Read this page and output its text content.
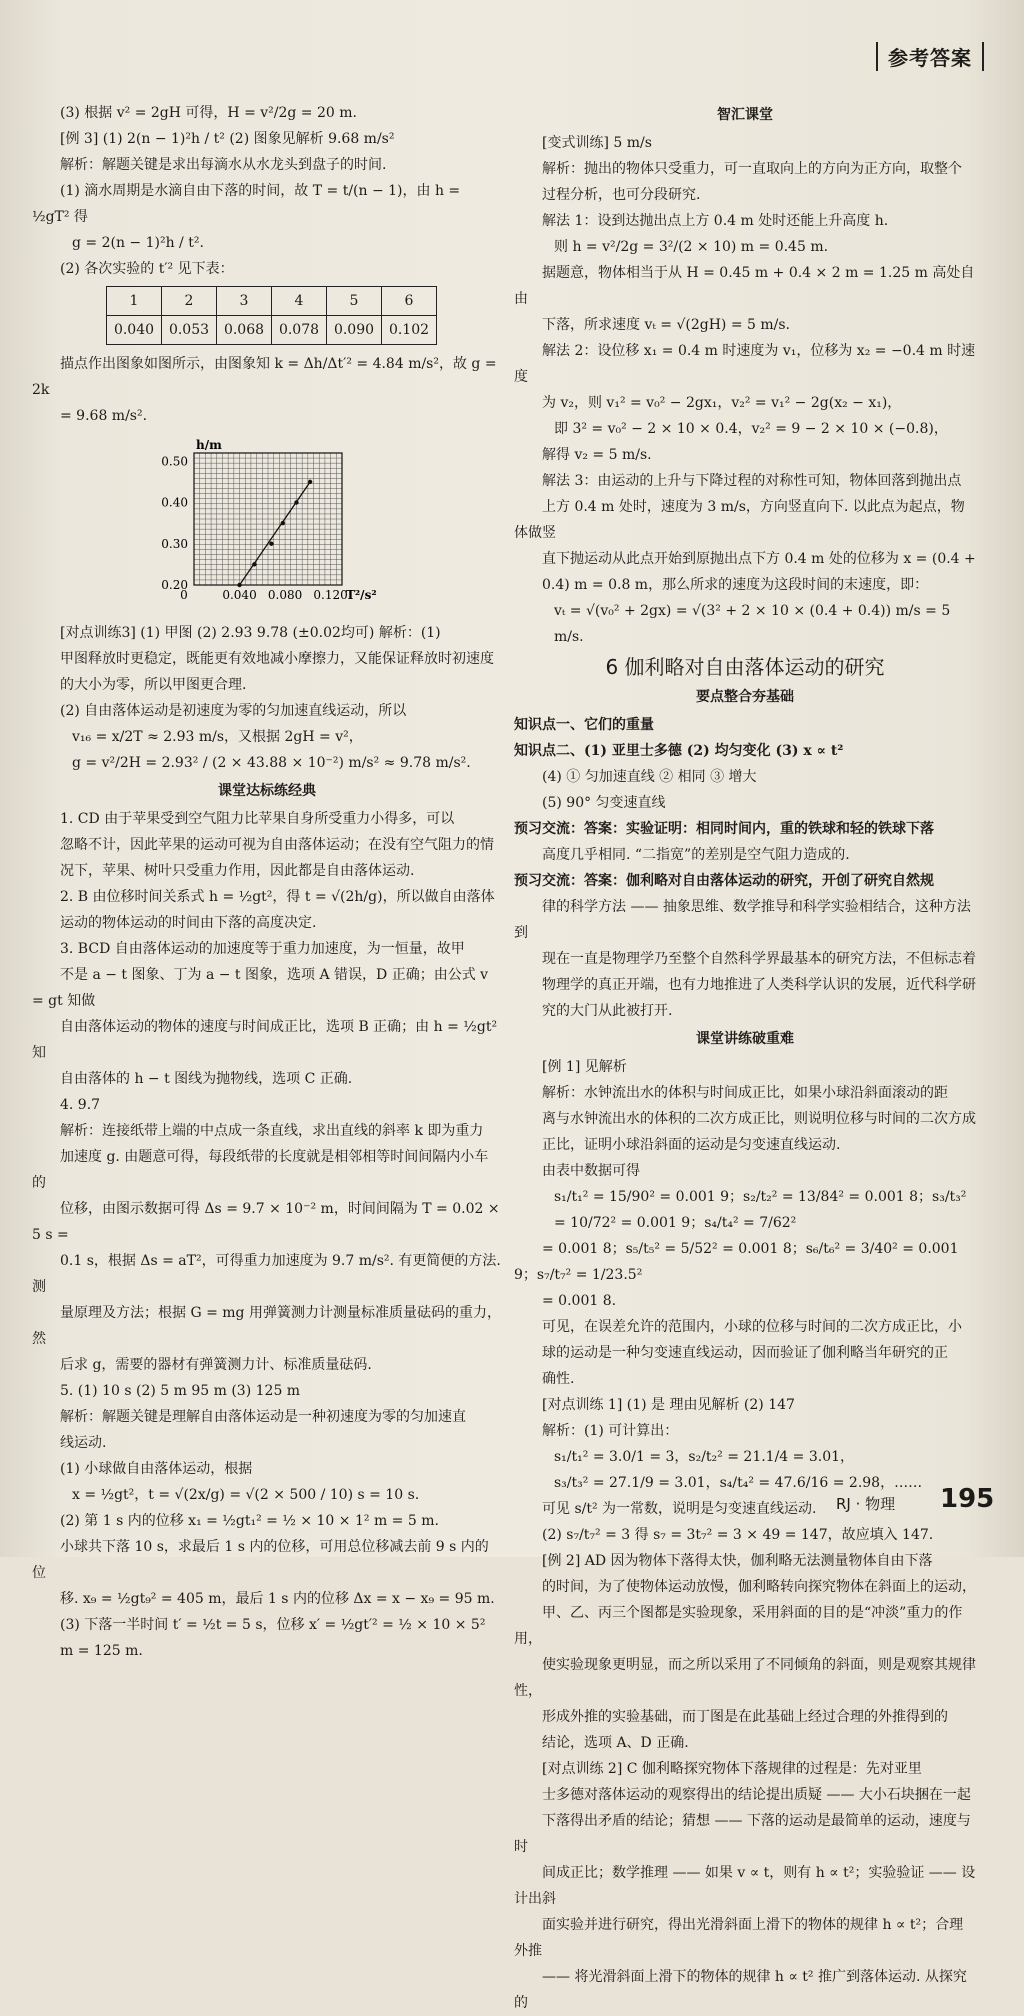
参考答案

(3) 根据 v² = 2gH 可得，H = v²/2g = 20 m.

[例 3] (1) 2(n − 1)²h / t² (2) 图象见解析 9.68 m/s²

解析：解题关键是求出每滴水从水龙头到盘子的时间.

(1) 滴水周期是水滴自由下落的时间，故 T = t/(n − 1)，由 h = ½gT² 得

g = 2(n − 1)²h / t².

(2) 各次实验的 t′² 见下表：

1	2	3	4	5	6
0.040	0.053	0.068	0.078	0.090	0.102

描点作出图象如图所示，由图象知 k = Δh/Δt′² = 4.84 m/s²，故 g = 2k

= 9.68 m/s².

0.50
0.40
0.30
0.20
0	0.040 0.080 0.120
h/m
T²/s²

[对点训练3] (1) 甲图 (2) 2.93 9.78 (±0.02均可) 解析：(1)

甲图释放时更稳定，既能更有效地减小摩擦力，又能保证释放时初速度

的大小为零，所以甲图更合理.

(2) 自由落体运动是初速度为零的匀加速直线运动，所以

v₁₆ = x/2T ≈ 2.93 m/s，又根据 2gH = v²，

g = v²/2H = 2.93² / (2 × 43.88 × 10⁻²) m/s² ≈ 9.78 m/s².

课堂达标练经典

1. CD 由于苹果受到空气阻力比苹果自身所受重力小得多，可以

忽略不计，因此苹果的运动可视为自由落体运动；在没有空气阻力的情

况下，苹果、树叶只受重力作用，因此都是自由落体运动.

2. B 由位移时间关系式 h = ½gt²，得 t = √(2h/g)，所以做自由落体

运动的物体运动的时间由下落的高度决定.

3. BCD 自由落体运动的加速度等于重力加速度，为一恒量，故甲

不是 a − t 图象、丁为 a − t 图象，选项 A 错误，D 正确；由公式 v = gt 知做

自由落体运动的物体的速度与时间成正比，选项 B 正确；由 h = ½gt² 知

自由落体的 h − t 图线为抛物线，选项 C 正确.

4. 9.7

解析：连接纸带上端的中点成一条直线，求出直线的斜率 k 即为重力

加速度 g. 由题意可得，每段纸带的长度就是相邻相等时间间隔内小车的

位移，由图示数据可得 Δs = 9.7 × 10⁻² m，时间间隔为 T = 0.02 × 5 s =

0.1 s，根据 Δs = aT²，可得重力加速度为 9.7 m/s². 有更简便的方法. 测

量原理及方法；根据 G = mg 用弹簧测力计测量标准质量砝码的重力，然

后求 g，需要的器材有弹簧测力计、标准质量砝码.

5. (1) 10 s (2) 5 m 95 m (3) 125 m

解析：解题关键是理解自由落体运动是一种初速度为零的匀加速直

线运动.

(1) 小球做自由落体运动，根据

x = ½gt²，t = √(2x/g) = √(2 × 500 / 10) s = 10 s.

(2) 第 1 s 内的位移 x₁ = ½gt₁² = ½ × 10 × 1² m = 5 m.

小球共下落 10 s，求最后 1 s 内的位移，可用总位移减去前 9 s 内的位

移. x₉ = ½gt₉² = 405 m，最后 1 s 内的位移 Δx = x − x₉ = 95 m.

(3) 下落一半时间 t′ = ½t = 5 s，位移 x′ = ½gt′² = ½ × 10 × 5²

m = 125 m.

智汇课堂

[变式训练] 5 m/s

解析：抛出的物体只受重力，可一直取向上的方向为正方向，取整个

过程分析，也可分段研究.

解法 1：设到达抛出点上方 0.4 m 处时还能上升高度 h.

则 h = v²/2g = 3²/(2 × 10) m = 0.45 m.

据题意，物体相当于从 H = 0.45 m + 0.4 × 2 m = 1.25 m 高处自由

下落，所求速度 vₜ = √(2gH) = 5 m/s.

解法 2：设位移 x₁ = 0.4 m 时速度为 v₁，位移为 x₂ = −0.4 m 时速度

为 v₂，则 v₁² = v₀² − 2gx₁，v₂² = v₁² − 2g(x₂ − x₁)，

即 3² = v₀² − 2 × 10 × 0.4，v₂² = 9 − 2 × 10 × (−0.8)，

解得 v₂ = 5 m/s.

解法 3：由运动的上升与下降过程的对称性可知，物体回落到抛出点

上方 0.4 m 处时，速度为 3 m/s，方向竖直向下. 以此点为起点，物体做竖

直下抛运动从此点开始到原抛出点下方 0.4 m 处的位移为 x = (0.4 +

0.4) m = 0.8 m，那么所求的速度为这段时间的末速度，即：

vₜ = √(v₀² + 2gx) = √(3² + 2 × 10 × (0.4 + 0.4)) m/s = 5 m/s.

6 伽利略对自由落体运动的研究

要点整合夯基础

知识点一、它们的重量

知识点二、(1) 亚里士多德 (2) 均匀变化 (3) x ∝ t²

(4) ① 匀加速直线 ② 相同 ③ 增大

(5) 90° 匀变速直线

预习交流：答案：实验证明：相同时间内，重的铁球和轻的铁球下落

高度几乎相同. “二指宽”的差别是空气阻力造成的.

预习交流：答案：伽利略对自由落体运动的研究，开创了研究自然规

律的科学方法 —— 抽象思维、数学推导和科学实验相结合，这种方法到

现在一直是物理学乃至整个自然科学界最基本的研究方法，不但标志着

物理学的真正开端，也有力地推进了人类科学认识的发展，近代科学研

究的大门从此被打开.

课堂讲练破重难

[例 1] 见解析

解析：水钟流出水的体积与时间成正比，如果小球沿斜面滚动的距

离与水钟流出水的体积的二次方成正比，则说明位移与时间的二次方成

正比，证明小球沿斜面的运动是匀变速直线运动.

由表中数据可得

s₁/t₁² = 15/90² = 0.001 9；s₂/t₂² = 13/84² = 0.001 8；s₃/t₃² = 10/72² = 0.001 9；s₄/t₄² = 7/62²

= 0.001 8；s₅/t₅² = 5/52² = 0.001 8；s₆/t₆² = 3/40² = 0.001 9；s₇/t₇² = 1/23.5²

= 0.001 8.

可见，在误差允许的范围内，小球的位移与时间的二次方成正比，小

球的运动是一种匀变速直线运动，因而验证了伽利略当年研究的正

确性.

[对点训练 1] (1) 是 理由见解析 (2) 147

解析：(1) 可计算出：

s₁/t₁² = 3.0/1 = 3，s₂/t₂² = 21.1/4 = 3.01，

s₃/t₃² = 27.1/9 = 3.01，s₄/t₄² = 47.6/16 = 2.98，……

可见 s/t² 为一常数，说明是匀变速直线运动.

(2) s₇/t₇² = 3 得 s₇ = 3t₇² = 3 × 49 = 147，故应填入 147.

[例 2] AD 因为物体下落得太快，伽利略无法测量物体自由下落

的时间，为了使物体运动放慢，伽利略转向探究物体在斜面上的运动，

甲、乙、丙三个图都是实验现象，采用斜面的目的是“冲淡”重力的作用，

使实验现象更明显，而之所以采用了不同倾角的斜面，则是观察其规律性，

形成外推的实验基础，而丁图是在此基础上经过合理的外推得到的

结论，选项 A、D 正确.

[对点训练 2] C 伽利略探究物体下落规律的过程是：先对亚里

士多德对落体运动的观察得出的结论提出质疑 —— 大小石块捆在一起

下落得出矛盾的结论；猜想 —— 下落的运动是最简单的运动，速度与时

间成正比；数学推理 —— 如果 v ∝ t，则有 h ∝ t²；实验验证 —— 设计出斜

面实验并进行研究，得出光滑斜面上滑下的物体的规律 h ∝ t²；合理外推

—— 将光滑斜面上滑下的物体的规律 h ∝ t² 推广到落体运动. 从探究的

RJ · 物理 195
